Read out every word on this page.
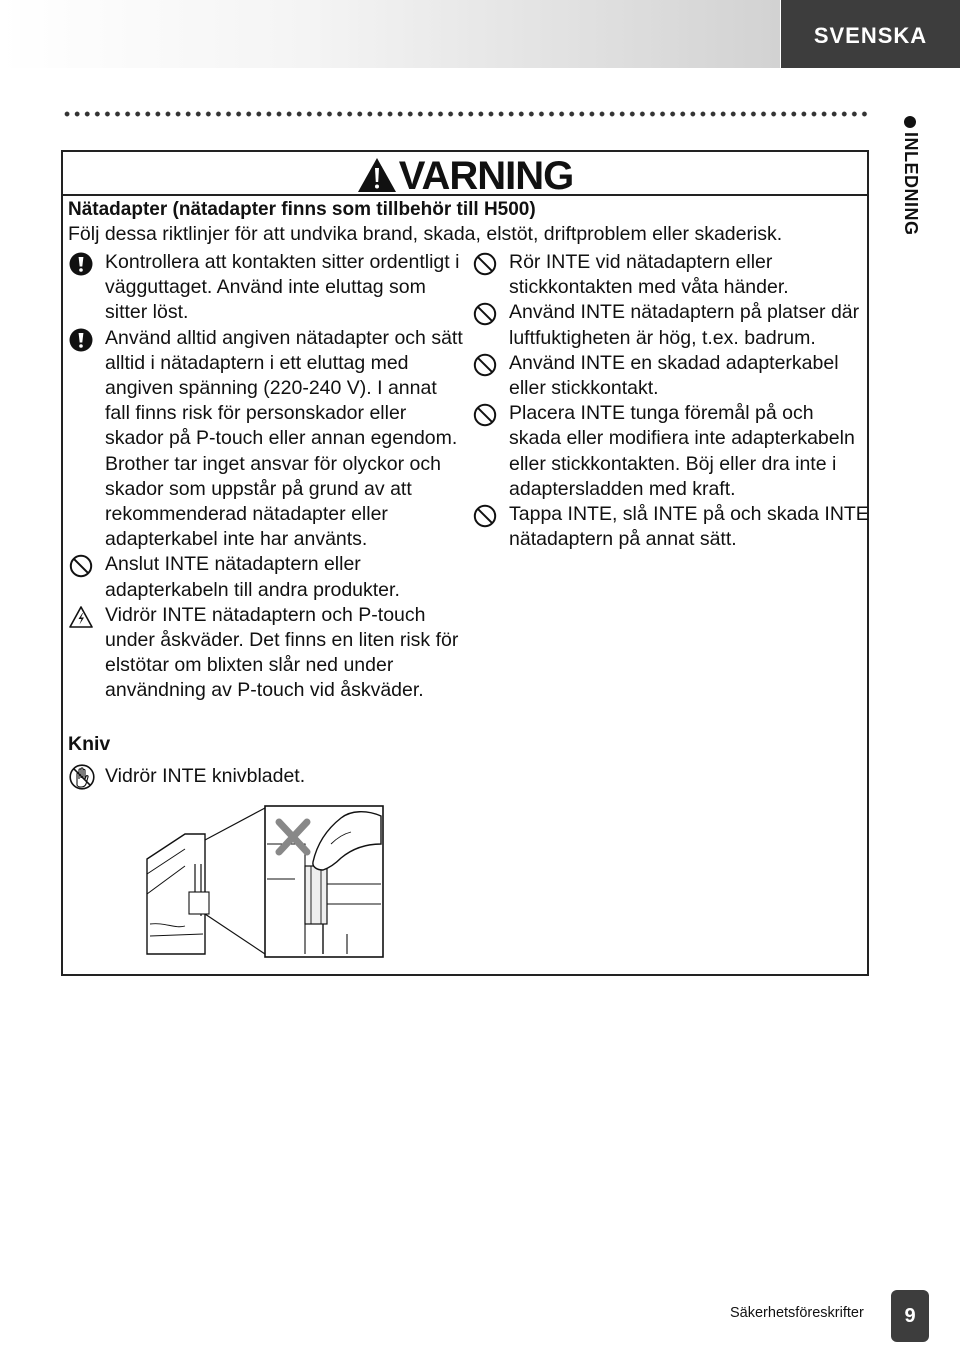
SVENSKA
INLEDNING
VARNING
Nätadapter (nätadapter finns som tillbehör till H500)
Följ dessa riktlinjer för att undvika brand, skada, elstöt, driftproblem eller skaderisk.

Kontrollera att kontakten sitter ordentligt i vägguttaget. Använd inte eluttag som sitter löst.

Använd alltid angiven nätadapter och sätt alltid i nätadaptern i ett eluttag med angiven spänning (220-240 V). I annat fall finns risk för personskador eller skador på P-touch eller annan egendom. Brother tar inget ansvar för olyckor och skador som uppstår på grund av att rekommenderad nätadapter eller adapterkabel inte har använts.

Anslut INTE nätadaptern eller adapterkabeln till andra produkter.

Vidrör INTE nätadaptern och P-touch under åskväder. Det finns en liten risk för elstötar om blixten slår ned under användning av P-touch vid åskväder.

Rör INTE vid nätadaptern eller stickkontakten med våta händer.

Använd INTE nätadaptern på platser där luftfuktigheten är hög, t.ex. badrum.

Använd INTE en skadad adapterkabel eller stickkontakt.

Placera INTE tunga föremål på och skada eller modifiera inte adapterkabeln eller stickkontakten. Böj eller dra inte i adaptersladden med kraft.

Tappa INTE, slå INTE på och skada INTE nätadaptern på annat sätt.

Kniv
Vidrör INTE knivbladet.
Säkerhetsföreskrifter 9
